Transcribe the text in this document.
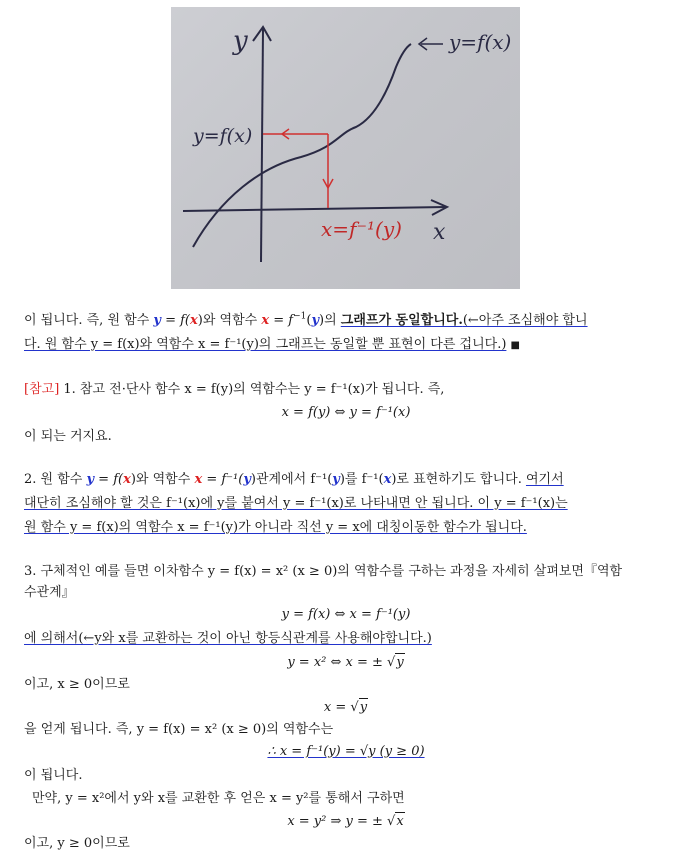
y
x
y=f(x)
y=f(x)
x=f⁻¹(y)
이 됩니다. 즉, 원 함수 y = f(x)와 역함수 $x = f^{-1}(y)$의 그래프가 동일합니다.(←아주 조심해야 합니
다. 원 함수 y = f(x)와 역함수 x = f⁻¹(y)의 그래프는 동일할 뿐 표현이 다른 겁니다.) ■
[참고] 1. 참고 전·단사 함수 x = f(y)의 역함수는 y = f⁻¹(x)가 됩니다. 즉,
x = f(y) ⇔ y = f⁻¹(x)
이 되는 거지요.
2. 원 함수 y = f(x)와 역함수 x = f⁻¹(y)관계에서 f⁻¹(y)를 f⁻¹(x)로 표현하기도 합니다. 여기서
대단히 조심해야 할 것은 f⁻¹(x)에 y를 붙여서 y = f⁻¹(x)로 나타내면 안 됩니다. 이 y = f⁻¹(x)는
원 함수 y = f(x)의 역함수 x = f⁻¹(y)가 아니라 직선 y = x에 대칭이동한 함수가 됩니다.
3. 구체적인 예를 들면 이차함수 y = f(x) = x² (x ≥ 0)의 역함수를 구하는 과정을 자세히 살펴보면『역함
수관계』
y = f(x) ⇔ x = f⁻¹(y)
에 의해서(←y와 x를 교환하는 것이 아닌 항등식관계를 사용해야합니다.)
y = x² ⇔ x = ± √y
이고, x ≥ 0이므로
x = √y
을 얻게 됩니다. 즉, y = f(x) = x² (x ≥ 0)의 역함수는
∴ x = f⁻¹(y) = √y (y ≥ 0)
이 됩니다.
만약, y = x²에서 y와 x를 교환한 후 얻은 x = y²를 통해서 구하면
x = y² ⇒ y = ± √x
이고, y ≥ 0이므로
